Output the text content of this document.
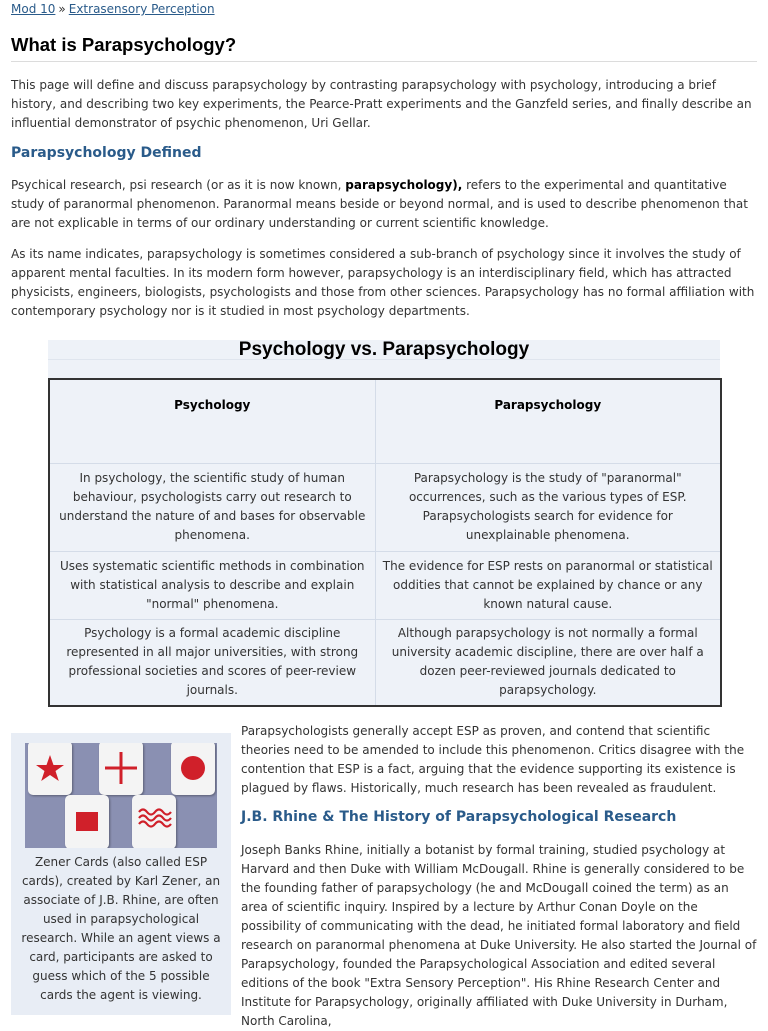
Mod 10 » Extrasensory Perception
What is Parapsychology?

This page will define and discuss parapsychology by contrasting parapsychology with psychology, introducing a brief history, and describing two key experiments, the Pearce-Pratt experiments and the Ganzfeld series, and finally describe an influential demonstrator of psychic phenomenon, Uri Gellar.

Parapsychology Defined

Psychical research, psi research (or as it is now known, parapsychology), refers to the experimental and quantitative study of paranormal phenomenon. Paranormal means beside or beyond normal, and is used to describe phenomenon that are not explicable in terms of our ordinary understanding or current scientific knowledge.

As its name indicates, parapsychology is sometimes considered a sub-branch of psychology since it involves the study of apparent mental faculties. In its modern form however, parapsychology is an interdisciplinary field, which has attracted physicists, engineers, biologists, psychologists and those from other sciences. Parapsychology has no formal affiliation with contemporary psychology nor is it studied in most psychology departments.

Psychology vs. Parapsychology
Psychology	Parapsychology
In psychology, the scientific study of human behaviour, psychologists carry out research to understand the nature of and bases for observable phenomena.	Parapsychology is the study of "paranormal" occurrences, such as the various types of ESP. Parapsychologists search for evidence for unexplainable phenomena.
Uses systematic scientific methods in combination with statistical analysis to describe and explain "normal" phenomena.	The evidence for ESP rests on paranormal or statistical oddities that cannot be explained by chance or any known natural cause.
Psychology is a formal academic discipline represented in all major universities, with strong professional societies and scores of peer-review journals.	Although parapsychology is not normally a formal university academic discipline, there are over half a dozen peer-reviewed journals dedicated to parapsychology.

Zener Cards (also called ESP cards), created by Karl Zener, an associate of J.B. Rhine, are often used in parapsychological research. While an agent views a card, participants are asked to guess which of the 5 possible cards the agent is viewing.

Parapsychologists generally accept ESP as proven, and contend that scientific theories need to be amended to include this phenomenon. Critics disagree with the contention that ESP is a fact, arguing that the evidence supporting its existence is plagued by flaws. Historically, much research has been revealed as fraudulent.

J.B. Rhine & The History of Parapsychological Research

Joseph Banks Rhine, initially a botanist by formal training, studied psychology at Harvard and then Duke with William McDougall. Rhine is generally considered to be the founding father of parapsychology (he and McDougall coined the term) as an area of scientific inquiry. Inspired by a lecture by Arthur Conan Doyle on the possibility of communicating with the dead, he initiated formal laboratory and field research on paranormal phenomena at Duke University. He also started the Journal of Parapsychology, founded the Parapsychological Association and edited several editions of the book "Extra Sensory Perception". His Rhine Research Center and Institute for Parapsychology, originally affiliated with Duke University in Durham, North Carolina,
